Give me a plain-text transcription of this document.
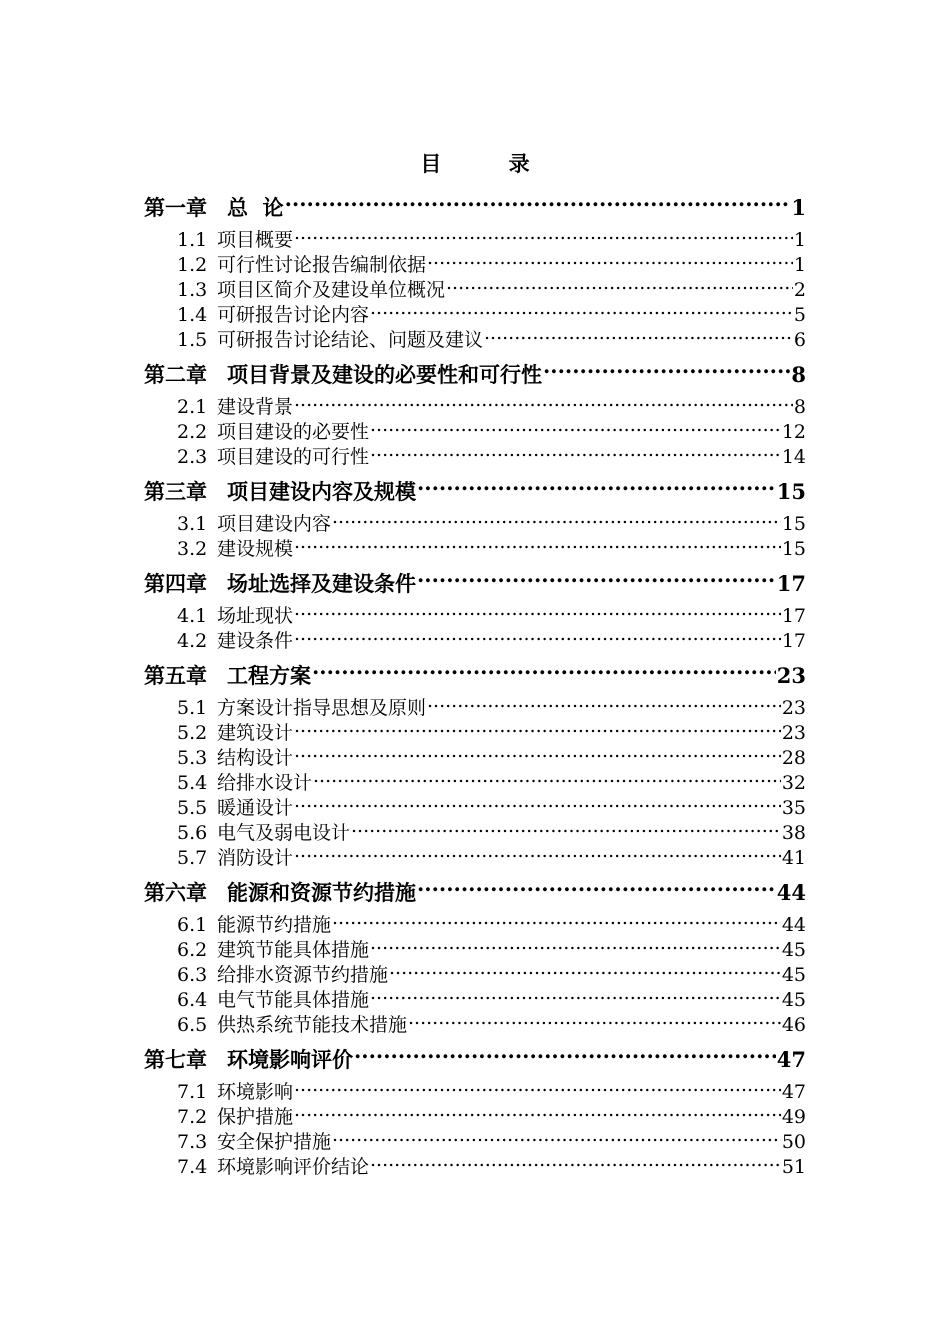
目 录
第一章 总  论 .....	1
1.1 项目概要 .....	1
1.2 可行性讨论报告编制依据 .....	1
1.3 项目区简介及建设单位概况 .....	2
1.4 可研报告讨论内容 .....	5
1.5 可研报告讨论结论、问题及建议 .....	6
第二章 项目背景及建设的必要性和可行性 .....	8
2.1 建设背景 .....	8
2.2 项目建设的必要性 .....	12
2.3 项目建设的可行性 .....	14
第三章 项目建设内容及规模 .....	15
3.1 项目建设内容 .....	15
3.2 建设规模 .....	15
第四章 场址选择及建设条件 .....	17
4.1 场址现状 .....	17
4.2 建设条件 .....	17
第五章 工程方案 .....	23
5.1 方案设计指导思想及原则 .....	23
5.2 建筑设计 .....	23
5.3 结构设计 .....	28
5.4 给排水设计 .....	32
5.5 暖通设计 .....	35
5.6 电气及弱电设计 .....	38
5.7 消防设计 .....	41
第六章 能源和资源节约措施 .....	44
6.1 能源节约措施 .....	44
6.2 建筑节能具体措施 .....	45
6.3 给排水资源节约措施 .....	45
6.4 电气节能具体措施 .....	45
6.5 供热系统节能技术措施 .....	46
第七章 环境影响评价 .....	47
7.1 环境影响 .....	47
7.2 保护措施 .....	49
7.3 安全保护措施 .....	50
7.4 环境影响评价结论 .....	51
